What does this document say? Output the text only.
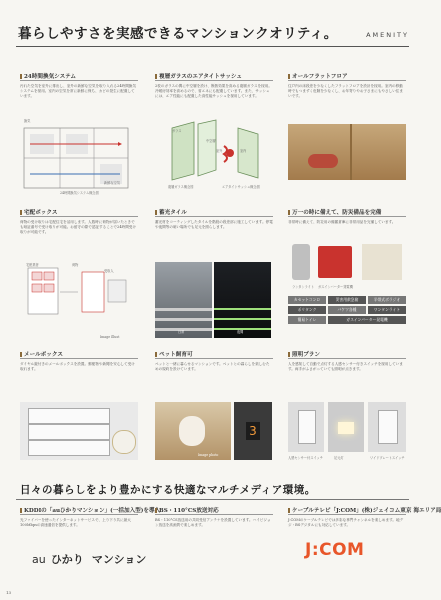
暮らしやすさを実感できるマンションクオリティ。	AMENITY
24時間換気システム
汚れた空気を室外に排出し、室外の新鮮な空気を取り入れる24時間換気システムを採用。室内の空気を常に新鮮に保ち、カビの発生に配慮しています。
換気
新鮮な空気
24時間換気システム概念図
複層ガラスのエアタイトサッシュ
2枚のガラスの間に中空層を設け、断熱効果を高める複層ガラスを採用。冷暖房効率を高めるので、省エネにも配慮しています。また、サッシュには、エア性能にも配慮した高性能サッシュを採用しています。
ガラス
中空層
室外	室内
複層ガラス概念図	エアタイトサッシュ概念図
オールフラットフロア
住戸内の床段差を少なくしたフラットフロアを設計を採用。室内の移動時でもつまずく危険を少なくし、お年寄りやお子さまにもやさしい住まいです。
宅配ボックス
荷物の受け取りは宅配住宅を活用します。人数時に荷物が届いたときでも暗証番号で受け取りが可能。お留守の際で認証することで24時間受け取りが可能です。
宅配業者	荷物
受取人
Image Illust
蓄光タイル
蓄光材をコーティングしたタイルを階段の段差部に施工しています。停電や夜間等の暗い場所でも足元を照らします。
日常	夜間
万一の時に備えて、防災備品を完備
非常時に備えて、防災用の備蓄倉庫に非常用品を完備しています。
ランタンライト ガスインバーター発電機
カセットコンロ	災害用救急箱	半帯式ボラジオ
ポリタンク	バケツ各種	ワンタンライト
簡易トイレ	ガスインバーター発電機
メールボックス
ダイヤル錠付きのメールボックスを設置。郵便物や新聞を安心して受け取れます。
ペット飼育可
ペットと一緒に暮らせるマンションです。ペットとの暮らしを楽しむための規約を設けています。
3
Image photo
照明プラン
人を感知して自動で点灯する人感センサー付きスイッチを採用しています。両手がふさがっていても照明が点きます。
人感センサー付スイッチ	足元灯	ワイドプレートスイッチ
日々の暮らしをより豊かにする快適なマルチメディア環境。
KDDIの「auひかりマンション」(一括加入型)を導入
光ファイバーを使ったインターネットサービスで、上り下り共に最大100Mbpsの高速通信を提供します。
au ひかり マンション
BS・110°CS放送対応
BS・110°CS放送用の共同受信アンテナを設置しています。ハイビジョン放送を高画質で楽しめます。
ケーブルテレビ「J:COM」(株)ジェイコム東京 海エリア局
J:COMのケーブルテレビでは多彩な専門チャンネルを楽しめます。地デジ・BSデジタルにも対応しています。
J:COM
13
